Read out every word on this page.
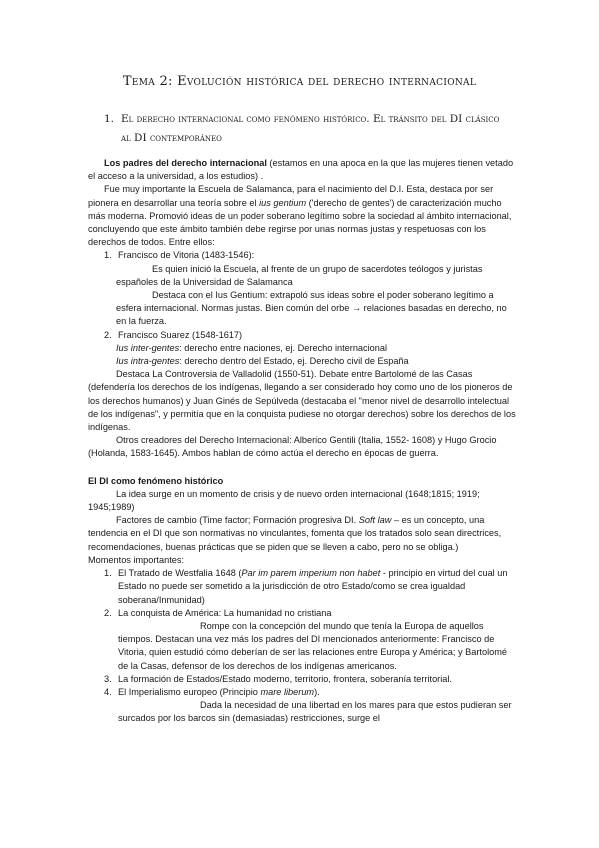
Tema 2: Evolución histórica del derecho internacional
1. El derecho internacional como fenómeno histórico. El tránsito del DI clásico al DI contemporáneo

Los padres del derecho internacional (estamos en una apoca en la que las mujeres tienen vetado el acceso a la universidad, a los estudios) .

Fue muy importante la Escuela de Salamanca, para el nacimiento del D.I. Esta, destaca por ser pionera en desarrollar una teoría sobre el ius gentium ('derecho de gentes') de caracterización mucho más moderna. Promovió ideas de un poder soberano legítimo sobre la sociedad al ámbito internacional, concluyendo que este ámbito también debe regirse por unas normas justas y respetuosas con los derechos de todos. Entre ellos:

1. Francisco de Vitoria (1483-1546):

Es quien inició la Escuela, al frente de un grupo de sacerdotes teólogos y juristas españoles de la Universidad de Salamanca

Destaca con el Ius Gentium: extrapoló sus ideas sobre el poder soberano legítimo a esfera internacional. Normas justas. Bien común del orbe → relaciones basadas en derecho, no en la fuerza.

2. Francisco Suarez (1548-1617)

Ius inter-gentes: derecho entre naciones, ej. Derecho internacional

Ius intra-gentes: derecho dentro del Estado, ej. Derecho civil de España

Destaca La Controversia de Valladolid (1550-51). Debate entre Bartolomé de las Casas (defendería los derechos de los indígenas, llegando a ser considerado hoy como uno de los pioneros de los derechos humanos) y Juan Ginés de Sepúlveda (destacaba el "menor nivel de desarrollo intelectual de los indígenas", y permitía que en la conquista pudiese no otorgar derechos) sobre los derechos de los indígenas.

Otros creadores del Derecho Internacional: Alberico Gentili (Italia, 1552- 1608) y Hugo Grocio (Holanda, 1583-1645). Ambos hablan de cómo actúa el derecho en épocas de guerra.

El DI como fenómeno histórico

La idea surge en un momento de crisis y de nuevo orden internacional (1648;1815; 1919; 1945;1989)

Factores de cambio (Time factor; Formación progresiva DI. Soft law – es un concepto, una tendencia en el DI que son normativas no vinculantes, fomenta que los tratados solo sean directrices, recomendaciones, buenas prácticas que se piden que se lleven a cabo, pero no se obliga.)

Momentos importantes:

1. El Tratado de Westfalia 1648 (Par im parem imperium non habet - principio en virtud del cual un Estado no puede ser sometido a la jurisdicción de otro Estado/como se crea igualdad soberana/Inmunidad)
2. La conquista de América: La humanidad no cristiana

Rompe con la concepción del mundo que tenía la Europa de aquellos tiempos. Destacan una vez más los padres del DI mencionados anteriormente: Francisco de Vitoria, quien estudió cómo deberían de ser las relaciones entre Europa y América; y Bartolomé de la Casas, defensor de los derechos de los indígenas americanos.

3. La formación de Estados/Estado moderno, territorio, frontera, soberanía territorial.
4. El Imperialismo europeo (Principio mare liberum).

Dada la necesidad de una libertad en los mares para que estos pudieran ser surcados por los barcos sin (demasiadas) restricciones, surge el
